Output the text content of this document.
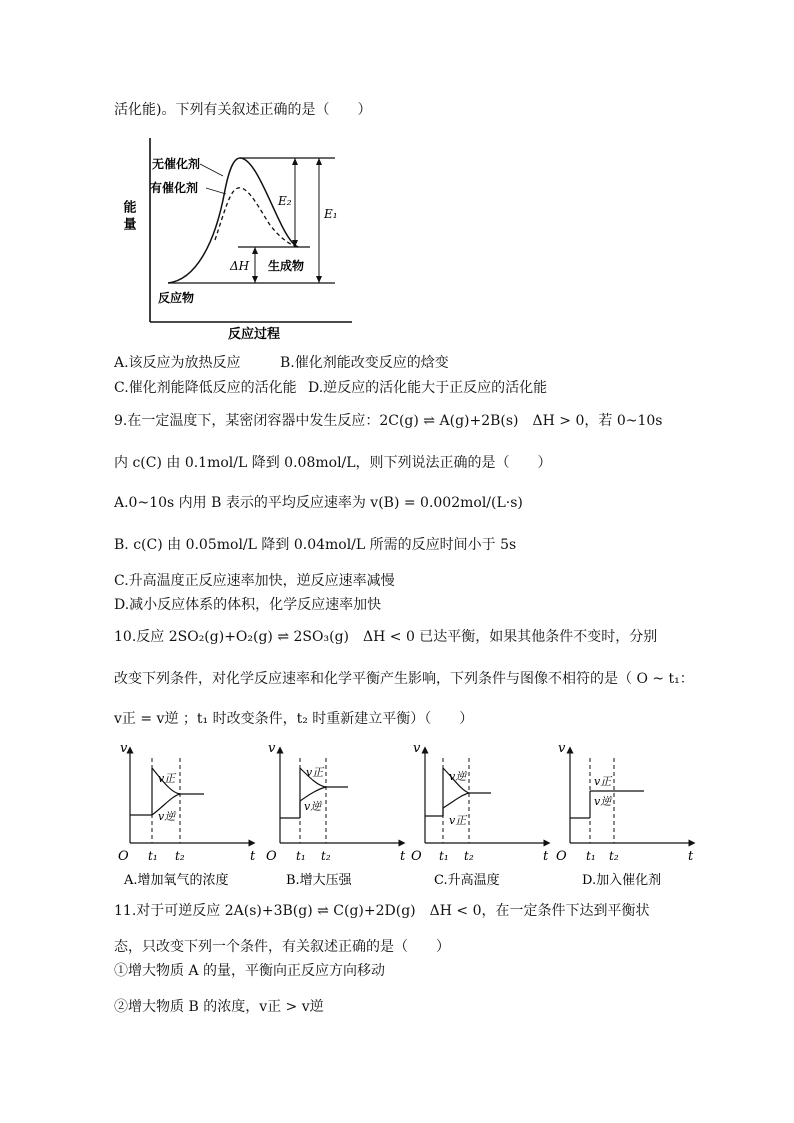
活化能)。下列有关叙述正确的是（　　）
能量
反应过程
无催化剂
有催化剂
E₂
E₁
ΔH 生成物
反应物
A.该反应为放热反应	B.催化剂能改变反应的焓变
C.催化剂能降低反应的活化能 D.逆反应的活化能大于正反应的活化能
9.在一定温度下，某密闭容器中发生反应：2C(g) ⇌ A(g)+2B(s)　ΔH > 0，若 0~10s
内 c(C) 由 0.1mol/L 降到 0.08mol/L，则下列说法正确的是（　　）
A.0~10s 内用 B 表示的平均反应速率为 v(B) = 0.002mol/(L·s)
B. c(C) 由 0.05mol/L 降到 0.04mol/L 所需的反应时间小于 5s
C.升高温度正反应速率加快，逆反应速率减慢
D.减小反应体系的体积，化学反应速率加快
10.反应 2SO₂(g)+O₂(g) ⇌ 2SO₃(g)　ΔH < 0 已达平衡，如果其他条件不变时，分别
改变下列条件，对化学反应速率和化学平衡产生影响，下列条件与图像不相符的是（ O ~ t₁：
v正 = v逆 ；t₁ 时改变条件，t₂ 时重新建立平衡）（　　）
v
t
O t₁ t₂
v正
v逆
v
t
O t₁ t₂
v正
v逆
v
t
O t₁ t₂
v逆
v正
v
t
O t₁ t₂
v正
v逆
A.增加氧气的浓度	B.增大压强	C.升高温度	D.加入催化剂
11.对于可逆反应 2A(s)+3B(g) ⇌ C(g)+2D(g)　ΔH < 0，在一定条件下达到平衡状
态，只改变下列一个条件，有关叙述正确的是（　　）
①增大物质 A 的量，平衡向正反应方向移动
②增大物质 B 的浓度，v正 > v逆
